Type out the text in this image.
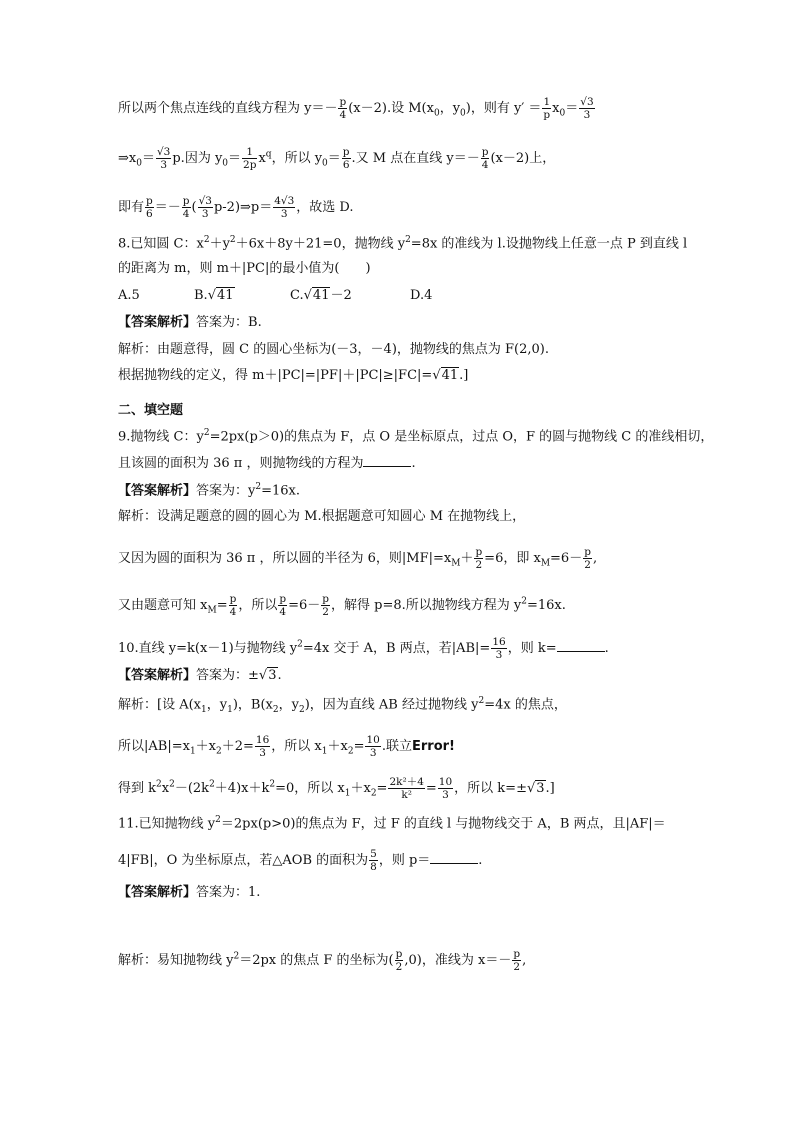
所以两个焦点连线的直线方程为 $y=- \frac{p}{4} (x-2)$.设 $M(x_0$，$y_0$)，则有 $y' = \frac{1}{p} x_0= \frac{√3}{3}$
$\Rightarrow x_0= \frac{√3}{3} p$.因为 $y_0= \frac{1}{2p} x^q$，所以 $y_0= \frac{p}{6}$ .又 M 点在直线 $y=- \frac{p}{4} (x-2)$上，
即有 $\frac{p}{6} =- \frac{p}{4}$ ( $\frac{√3}{3}$ p-2)⇒p＝ $\frac{4√3}{3}$ ，故选 D.
8.已知圆 C：$x^2+y^2+6x+8y+21=0$，抛物线 $y^2=8x$ 的准线为 l.设抛物线上任意一点 P 到直线 l
的距离为 m，则 m＋|PC|的最小值为(　　)
A.5	B.√41	C.√41－2	D.4
【答案解析】答案为：B.
解析：由题意得，圆 C 的圆心坐标为(－3，－4)，抛物线的焦点为 F(2,0).
根据抛物线的定义，得 m＋|PC|=|PF|＋|PC|≥|FC|=√41.]
二、填空题
9.抛物线 C：$y^2=2px(p>0)$的焦点为 F，点 O 是坐标原点，过点 O，F 的圆与抛物线 C 的准线相切，
且该圆的面积为 36 π ，则抛物线的方程为	.
【答案解析】答案为：$y^2=16x$.
解析：设满足题意的圆的圆心为 M.根据题意可知圆心 M 在抛物线上，
又因为圆的面积为 36 π ，所以圆的半径为 6，则$|MF|=x_M+ \frac{p}{2} =6$，即 $x_M=6- \frac{p}{2}$ ,
又由题意可知 $x_M= \frac{p}{4}$ ，所以 $\frac{p}{4} =6- \frac{p}{2}$ ，解得 p=8.所以抛物线方程为 $y^2=16x$.
10.直线 y=k(x－1)与抛物线 $y^2=4x$ 交于 A，B 两点，若$|AB|= \frac{16}{3}$ ，则 k=	.
【答案解析】答案为：±√3.
解析：[设 $A(x_1$，$y_1$)，$B(x_2$，$y_2$)，因为直线 AB 经过抛物线 $y^2=4x$ 的焦点，
所以$|AB|=x_1+x_2+2= \frac{16}{3}$ ，所以 $x_1+x_2= \frac{10}{3}$ .联立Error!
得到 $k^2x^2-(2k^2+4)x+k^2=0$，所以 $x_1+x_2= \frac{\text{2k²＋4}}{\text{k²}} = \frac{10}{3}$ ，所以 k=±√3.]
11.已知抛物线 $y^2=2px(p>0)$的焦点为 F，过 F 的直线 l 与抛物线交于 A，B 两点，且|AF|＝
4|FB|，O 为坐标原点，若△AOB 的面积为 $\frac{5}{8}$ ，则 p＝	.
【答案解析】答案为：1.
解析：易知抛物线 $y^2=2px$ 的焦点 F 的坐标为( $\frac{p}{2} ,0$)，准线为 $x=- \frac{p}{2}$ ,
